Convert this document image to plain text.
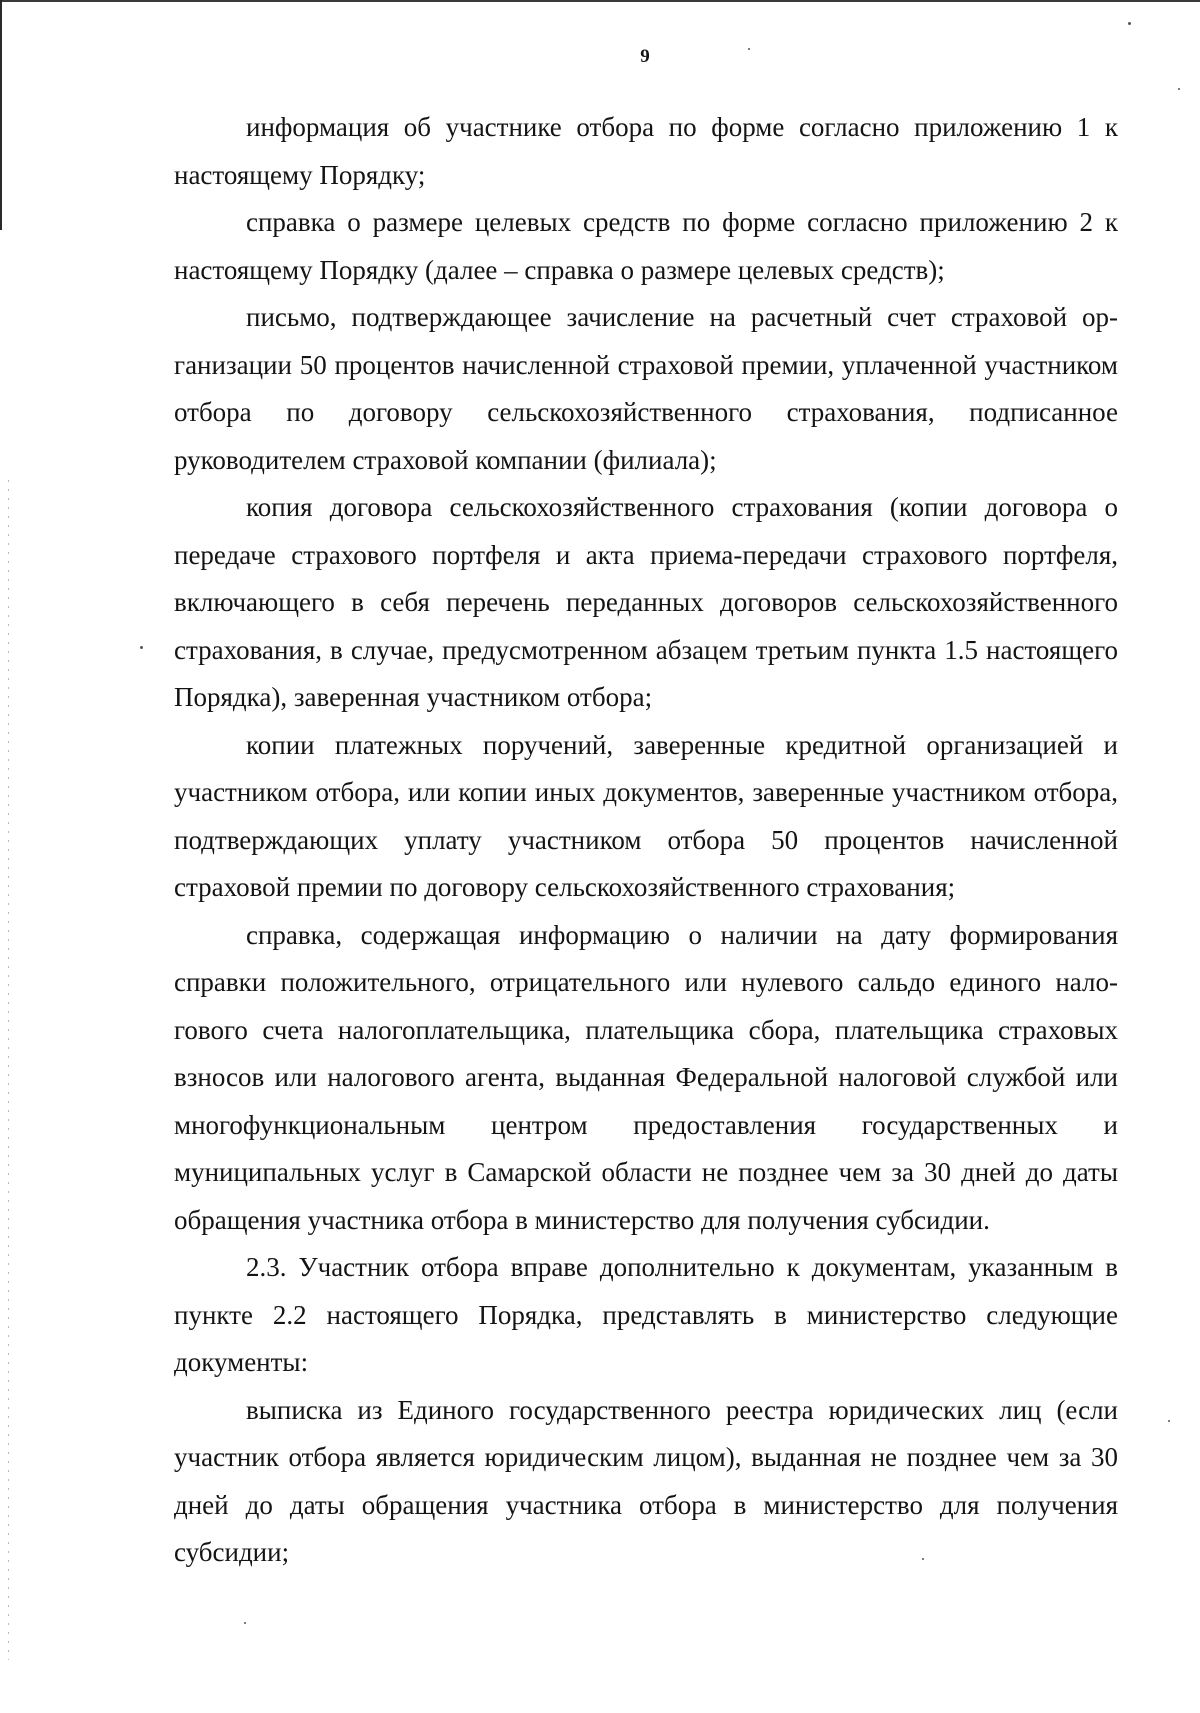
9

информация об участнике отбора по форме согласно приложению 1 к настоящему Порядку;

справка о размере целевых средств по форме согласно приложению 2 к настоящему Порядку (далее – справка о размере целевых средств);

письмо, подтверждающее зачисление на расчетный счет страховой организации 50 процентов начисленной страховой премии, уплаченной участником отбора по договору сельскохозяйственного страхования, подписанное руководителем страховой компании (филиала);

копия договора сельскохозяйственного страхования (копии договора о передаче страхового портфеля и акта приема-передачи страхового портфеля, включающего в себя перечень переданных договоров сельскохозяйственного страхования, в случае, предусмотренном абзацем третьим пункта 1.5 настоящего Порядка), заверенная участником отбора;

копии платежных поручений, заверенные кредитной организацией и участником отбора, или копии иных документов, заверенные участником отбора, подтверждающих уплату участником отбора 50 процентов начисленной страховой премии по договору сельскохозяйственного страхования;

справка, содержащая информацию о наличии на дату формирования справки положительного, отрицательного или нулевого сальдо единого налогового счета налогоплательщика, плательщика сбора, плательщика страховых взносов или налогового агента, выданная Федеральной налоговой службой или многофункциональным центром предоставления государственных и муниципальных услуг в Самарской области не позднее чем за 30 дней до даты обращения участника отбора в министерство для получения субсидии.

2.3. Участник отбора вправе дополнительно к документам, указанным в пункте 2.2 настоящего Порядка, представлять в министерство следующие документы:

выписка из Единого государственного реестра юридических лиц (если участник отбора является юридическим лицом), выданная не позднее чем за 30 дней до даты обращения участника отбора в министерство для получения субсидии;
